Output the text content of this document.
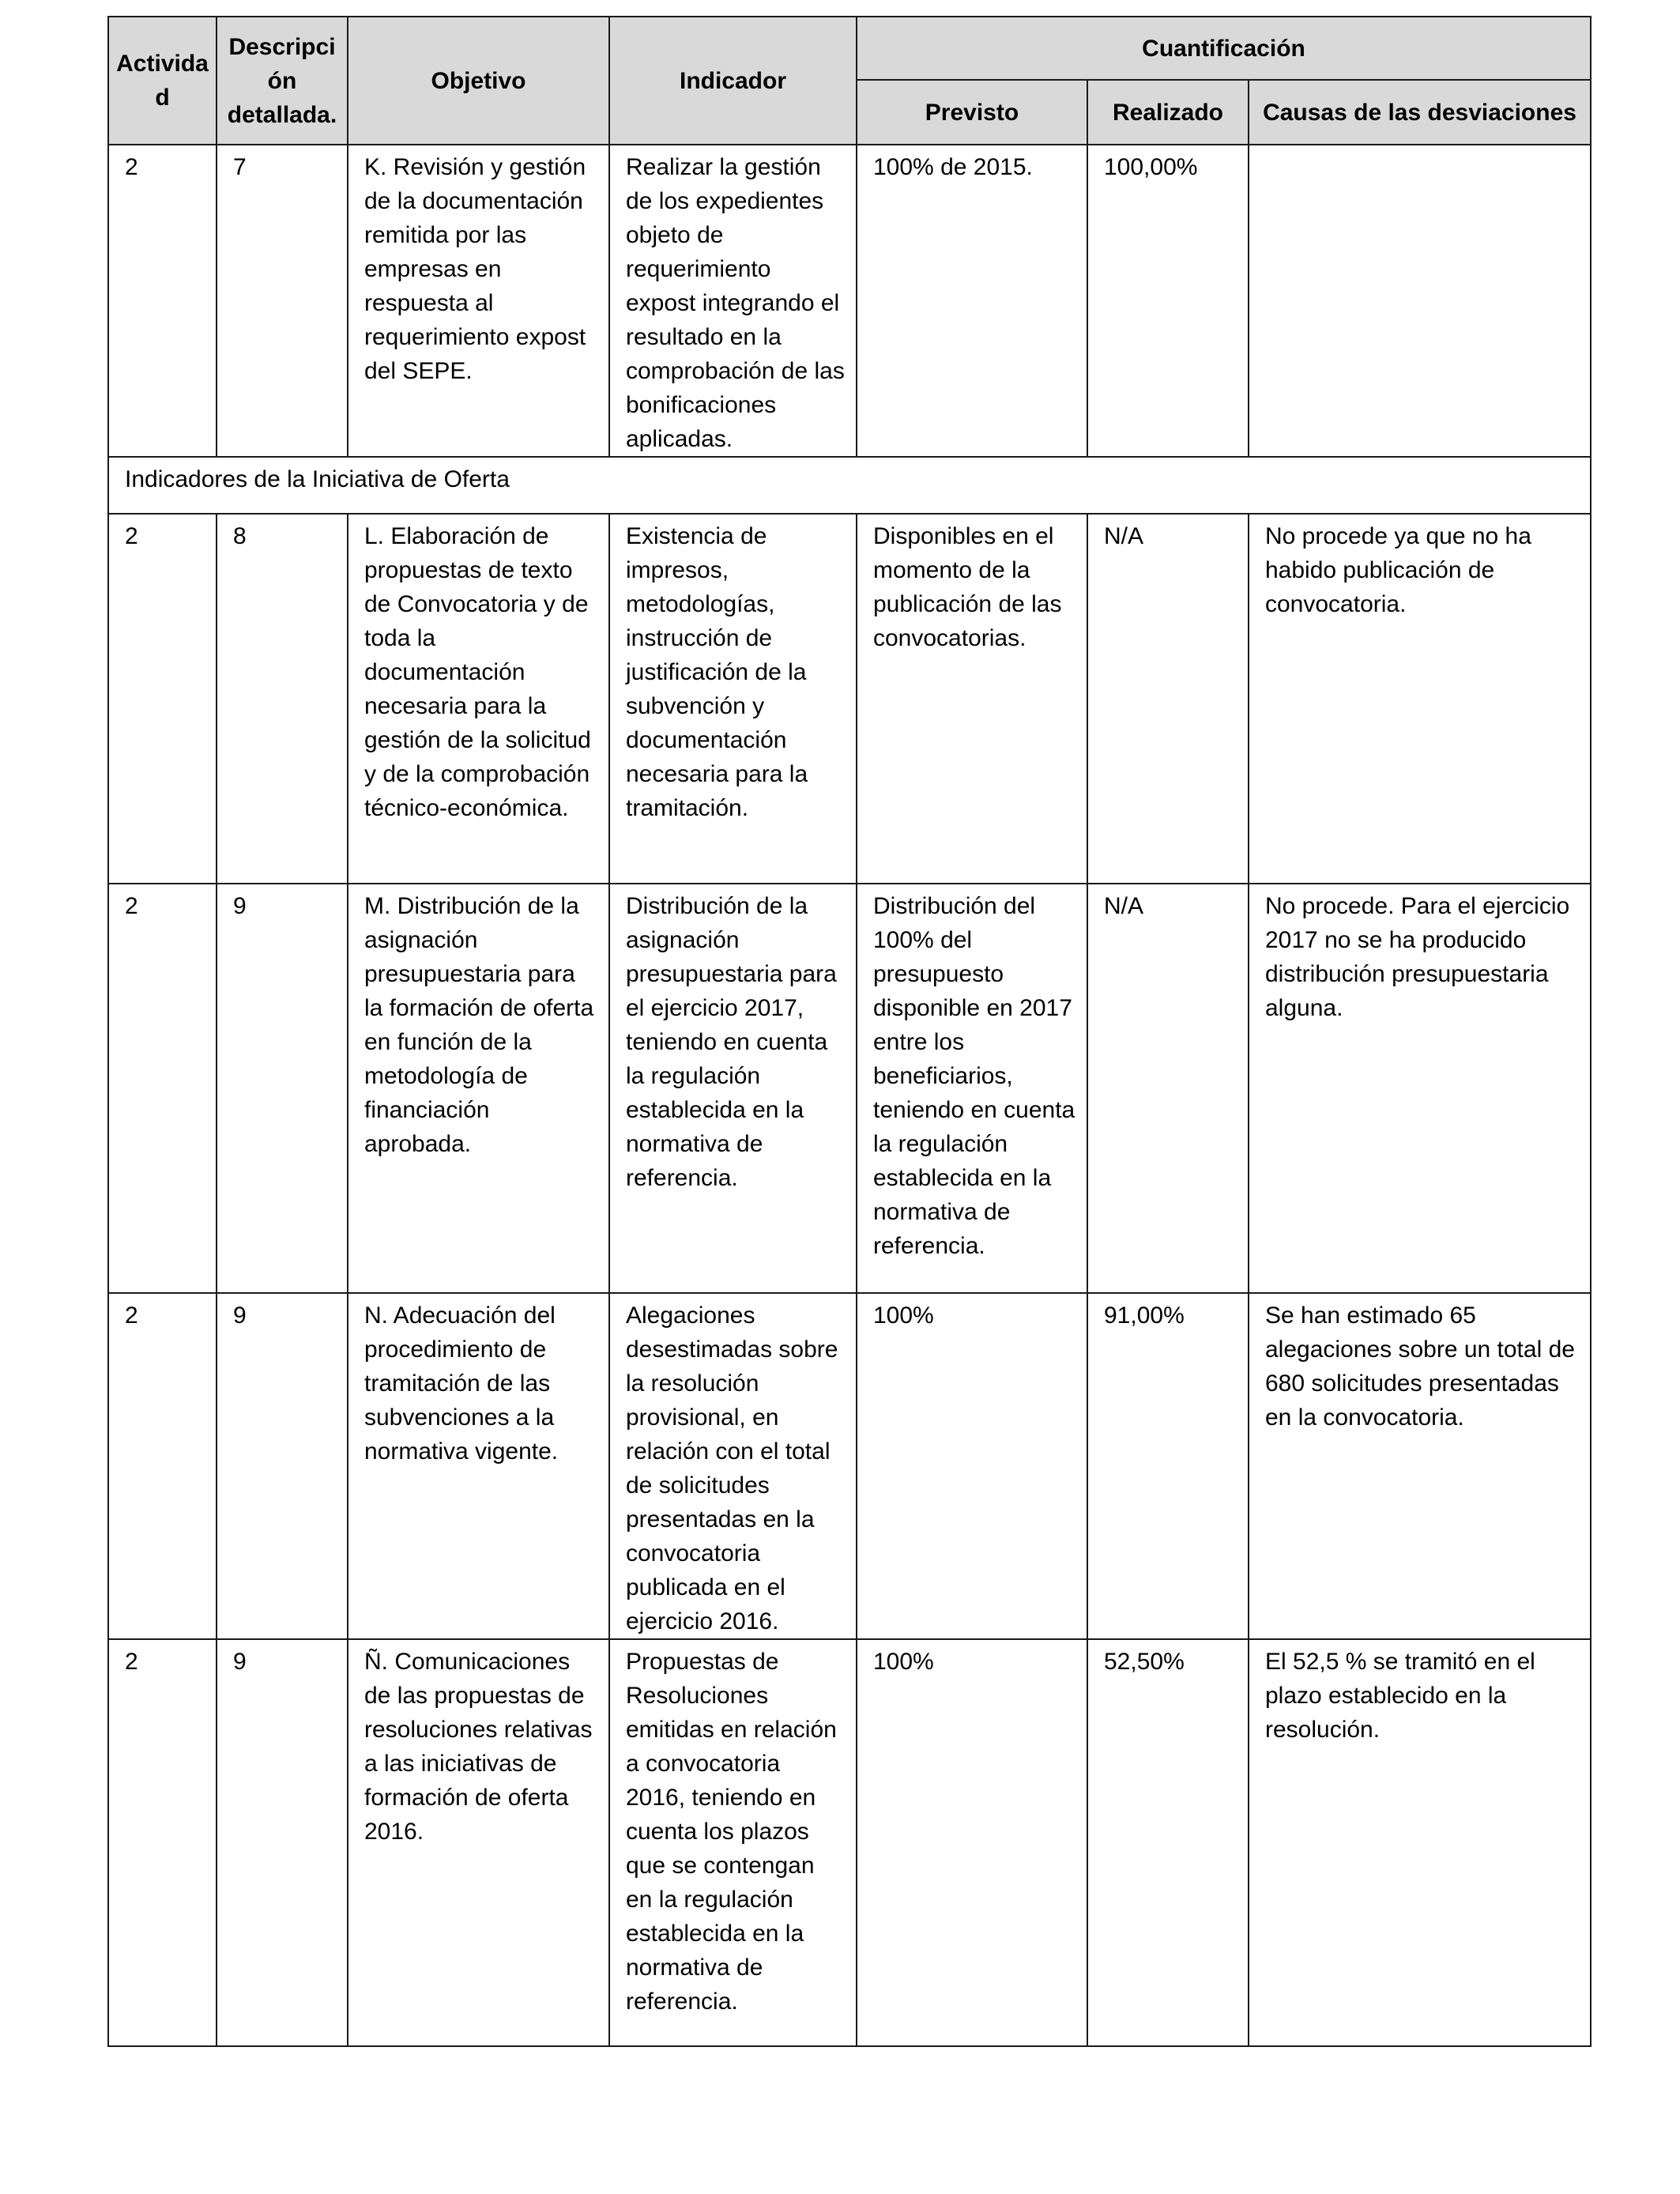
Actividad	Descripción detallada.	Objetivo	Indicador	Cuantificación		
				Previsto	Realizado	Causas de las desviaciones
2	7	K. Revisión y gestión de la documentación remitida por las empresas en respuesta al requerimiento expost del SEPE.	Realizar la gestión de los expedientes objeto de requerimiento expost integrando el resultado en la comprobación de las bonificaciones aplicadas.	100% de 2015.	100,00%	
Indicadores de la Iniciativa de Oferta						
2	8	L. Elaboración de propuestas de texto de Convocatoria y de toda la documentación necesaria para la gestión de la solicitud y de la comprobación técnico-económica.	Existencia de impresos, metodologías, instrucción de justificación de la subvención y documentación necesaria para la tramitación.	Disponibles en el momento de la publicación de las convocatorias.	N/A	No procede ya que no ha habido publicación de convocatoria.
2	9	M. Distribución de la asignación presupuestaria para la formación de oferta en función de la metodología de financiación aprobada.	Distribución de la asignación presupuestaria para el ejercicio 2017, teniendo en cuenta la regulación establecida en la normativa de referencia.	Distribución del 100% del presupuesto disponible en 2017 entre los beneficiarios, teniendo en cuenta la regulación establecida en la normativa de referencia.	N/A	No procede. Para el ejercicio 2017 no se ha producido distribución presupuestaria alguna.
2	9	N. Adecuación del procedimiento de tramitación de las subvenciones a la normativa vigente.	Alegaciones desestimadas sobre la resolución provisional, en relación con el total de solicitudes presentadas en la convocatoria publicada en el ejercicio 2016.	100%	91,00%	Se han estimado 65 alegaciones sobre un total de 680 solicitudes presentadas en la convocatoria.
2	9	Ñ. Comunicaciones de las propuestas de resoluciones relativas a las iniciativas de formación de oferta 2016.	Propuestas de Resoluciones emitidas en relación a convocatoria 2016, teniendo en cuenta los plazos que se contengan en la regulación establecida en la normativa de referencia.	100%	52,50%	El 52,5 % se tramitó en el plazo establecido en la resolución.
